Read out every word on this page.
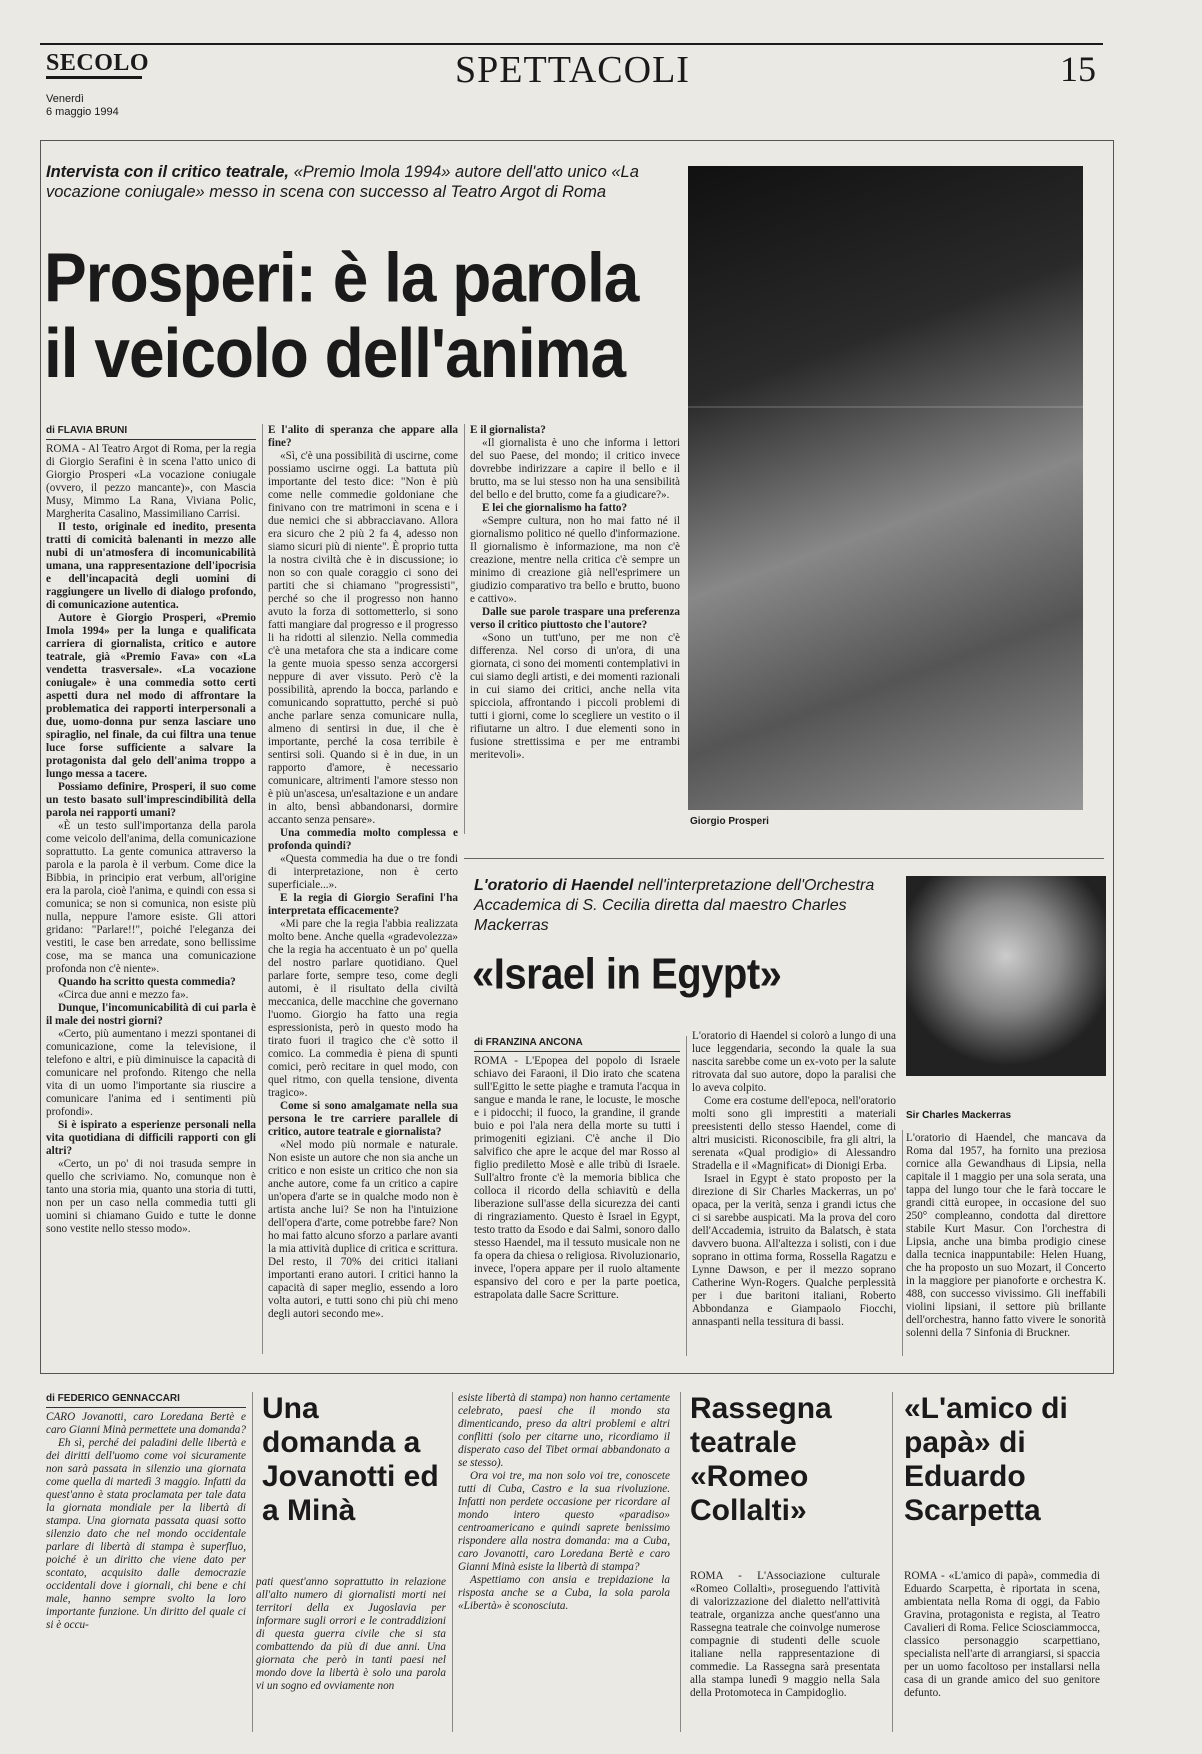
SECOLO
Venerdì
6 maggio 1994
SPETTACOLI	15
Intervista con il critico teatrale, «Premio Imola 1994» autore dell'atto unico «La vocazione coniugale» messo in scena con successo al Teatro Argot di Roma
Prosperi: è la parola
il veicolo dell'anima
Giorgio Prosperi
di FLAVIA BRUNI

ROMA - Al Teatro Argot di Roma, per la regia di Giorgio Serafini è in scena l'atto unico di Giorgio Prosperi «La vocazione coniugale (ovvero, il pezzo mancante)», con Mascia Musy, Mimmo La Rana, Viviana Polic, Margherita Casalino, Massimiliano Carrisi.

Il testo, originale ed inedito, presenta tratti di comicità balenanti in mezzo alle nubi di un'atmosfera di incomunicabilità umana, una rappresentazione dell'ipocrisia e dell'incapacità degli uomini di raggiungere un livello di dialogo profondo, di comunicazione autentica.

Autore è Giorgio Prosperi, «Premio Imola 1994» per la lunga e qualificata carriera di giornalista, critico e autore teatrale, già «Premio Fava» con «La vendetta trasversale». «La vocazione coniugale» è una commedia sotto certi aspetti dura nel modo di affrontare la problematica dei rapporti interpersonali a due, uomo-donna pur senza lasciare uno spiraglio, nel finale, da cui filtra una tenue luce forse sufficiente a salvare la protagonista dal gelo dell'anima troppo a lungo messa a tacere.

Possiamo definire, Prosperi, il suo come un testo basato sull'imprescindibilità della parola nei rapporti umani?

«È un testo sull'importanza della parola come veicolo dell'anima, della comunicazione soprattutto. La gente comunica attraverso la parola e la parola è il verbum. Come dice la Bibbia, in principio erat verbum, all'origine era la parola, cioè l'anima, e quindi con essa si comunica; se non si comunica, non esiste più nulla, neppure l'amore esiste. Gli attori gridano: "Parlare!!", poiché l'eleganza dei vestiti, le case ben arredate, sono bellissime cose, ma se manca una comunicazione profonda non c'è niente».

Quando ha scritto questa commedia?

«Circa due anni e mezzo fa».

Dunque, l'incomunicabilità di cui parla è il male dei nostri giorni?

«Certo, più aumentano i mezzi spontanei di comunicazione, come la televisione, il telefono e altri, e più diminuisce la capacità di comunicare nel profondo. Ritengo che nella vita di un uomo l'importante sia riuscire a comunicare l'anima ed i sentimenti più profondi».

Si è ispirato a esperienze personali nella vita quotidiana di difficili rapporti con gli altri?

«Certo, un po' di noi trasuda sempre in quello che scriviamo. No, comunque non è tanto una storia mia, quanto una storia di tutti, non per un caso nella commedia tutti gli uomini si chiamano Guido e tutte le donne sono vestite nello stesso modo».

E l'alito di speranza che appare alla fine?

«Sì, c'è una possibilità di uscirne, come possiamo uscirne oggi. La battuta più importante del testo dice: "Non è più come nelle commedie goldoniane che finivano con tre matrimoni in scena e i due nemici che si abbracciavano. Allora era sicuro che 2 più 2 fa 4, adesso non siamo sicuri più di niente". È proprio tutta la nostra civiltà che è in discussione; io non so con quale coraggio ci sono dei partiti che si chiamano "progressisti", perché so che il progresso non hanno avuto la forza di sottometterlo, si sono fatti mangiare dal progresso e il progresso li ha ridotti al silenzio. Nella commedia c'è una metafora che sta a indicare come la gente muoia spesso senza accorgersi neppure di aver vissuto. Però c'è la possibilità, aprendo la bocca, parlando e comunicando soprattutto, perché si può anche parlare senza comunicare nulla, almeno di sentirsi in due, il che è importante, perché la cosa terribile è sentirsi soli. Quando si è in due, in un rapporto d'amore, è necessario comunicare, altrimenti l'amore stesso non è più un'ascesa, un'esaltazione e un andare in alto, bensì abbandonarsi, dormire accanto senza pensare».

Una commedia molto complessa e profonda quindi?

«Questa commedia ha due o tre fondi di interpretazione, non è certo superficiale...».

E la regia di Giorgio Serafini l'ha interpretata efficacemente?

«Mi pare che la regia l'abbia realizzata molto bene. Anche quella «gradevolezza» che la regia ha accentuato è un po' quella del nostro parlare quotidiano. Quel parlare forte, sempre teso, come degli automi, è il risultato della civiltà meccanica, delle macchine che governano l'uomo. Giorgio ha fatto una regia espressionista, però in questo modo ha tirato fuori il tragico che c'è sotto il comico. La commedia è piena di spunti comici, però recitare in quel modo, con quel ritmo, con quella tensione, diventa tragico».

Come si sono amalgamate nella sua persona le tre carriere parallele di critico, autore teatrale e giornalista?

«Nel modo più normale e naturale. Non esiste un autore che non sia anche un critico e non esiste un critico che non sia anche autore, come fa un critico a capire un'opera d'arte se in qualche modo non è artista anche lui? Se non ha l'intuizione dell'opera d'arte, come potrebbe fare? Non ho mai fatto alcuno sforzo a parlare avanti la mia attività duplice di critica e scrittura. Del resto, il 70% dei critici italiani importanti erano autori. I critici hanno la capacità di saper meglio, essendo a loro volta autori, e tutti sono chi più chi meno degli autori secondo me».

E il giornalista?

«Il giornalista è uno che informa i lettori del suo Paese, del mondo; il critico invece dovrebbe indirizzare a capire il bello e il brutto, ma se lui stesso non ha una sensibilità del bello e del brutto, come fa a giudicare?».

E lei che giornalismo ha fatto?

«Sempre cultura, non ho mai fatto né il giornalismo politico né quello d'informazione. Il giornalismo è informazione, ma non c'è creazione, mentre nella critica c'è sempre un minimo di creazione già nell'esprimere un giudizio comparativo tra bello e brutto, buono e cattivo».

Dalle sue parole traspare una preferenza verso il critico piuttosto che l'autore?

«Sono un tutt'uno, per me non c'è differenza. Nel corso di un'ora, di una giornata, ci sono dei momenti contemplativi in cui siamo degli artisti, e dei momenti razionali in cui siamo dei critici, anche nella vita spicciola, affrontando i piccoli problemi di tutti i giorni, come lo scegliere un vestito o il rifiutarne un altro. I due elementi sono in fusione strettissima e per me entrambi meritevoli».

L'oratorio di Haendel nell'interpretazione dell'Orchestra Accademica di S. Cecilia diretta dal maestro Charles Mackerras
«Israel in Egypt»
Sir Charles Mackerras
di FRANZINA ANCONA

ROMA - L'Epopea del popolo di Israele schiavo dei Faraoni, il Dio irato che scatena sull'Egitto le sette piaghe e tramuta l'acqua in sangue e manda le rane, le locuste, le mosche e i pidocchi; il fuoco, la grandine, il grande buio e poi l'ala nera della morte su tutti i primogeniti egiziani. C'è anche il Dio salvifico che apre le acque del mar Rosso al figlio prediletto Mosè e alle tribù di Israele. Sull'altro fronte c'è la memoria biblica che colloca il ricordo della schiavitù e della liberazione sull'asse della sicurezza dei canti di ringraziamento. Questo è Israel in Egypt, testo tratto da Esodo e dai Salmi, sonoro dallo stesso Haendel, ma il tessuto musicale non ne fa opera da chiesa o religiosa. Rivoluzionario, invece, l'opera appare per il ruolo altamente espansivo del coro e per la parte poetica, estrapolata dalle Sacre Scritture.

L'oratorio di Haendel si colorò a lungo di una luce leggendaria, secondo la quale la sua nascita sarebbe come un ex-voto per la salute ritrovata dal suo autore, dopo la paralisi che lo aveva colpito.

Come era costume dell'epoca, nell'oratorio molti sono gli imprestiti a materiali preesistenti dello stesso Haendel, come di altri musicisti. Riconoscibile, fra gli altri, la serenata «Qual prodigio» di Alessandro Stradella e il «Magnificat» di Dionigi Erba.

Israel in Egypt è stato proposto per la direzione di Sir Charles Mackerras, un po' opaca, per la verità, senza i grandi ictus che ci si sarebbe auspicati. Ma la prova del coro dell'Accademia, istruito da Balatsch, è stata davvero buona. All'altezza i solisti, con i due soprano in ottima forma, Rossella Ragatzu e Lynne Dawson, e per il mezzo soprano Catherine Wyn-Rogers. Qualche perplessità per i due baritoni italiani, Roberto Abbondanza e Giampaolo Fiocchi, annaspanti nella tessitura di bassi.

L'oratorio di Haendel, che mancava da Roma dal 1957, ha fornito una preziosa cornice alla Gewandhaus di Lipsia, nella capitale il 1 maggio per una sola serata, una tappa del lungo tour che le farà toccare le grandi città europee, in occasione del suo 250° compleanno, condotta dal direttore stabile Kurt Masur. Con l'orchestra di Lipsia, anche una bimba prodigio cinese dalla tecnica inappuntabile: Helen Huang, che ha proposto un suo Mozart, il Concerto in la maggiore per pianoforte e orchestra K. 488, con successo vivissimo. Gli ineffabili violini lipsiani, il settore più brillante dell'orchestra, hanno fatto vivere le sonorità solenni della 7 Sinfonia di Bruckner.

di FEDERICO GENNACCARI

CARO Jovanotti, caro Loredana Bertè e caro Gianni Minà permettete una domanda?

Eh sì, perché dei paladini delle libertà e dei diritti dell'uomo come voi sicuramente non sarà passata in silenzio una giornata come quella di martedì 3 maggio. Infatti da quest'anno è stata proclamata per tale data la giornata mondiale per la libertà di stampa. Una giornata passata quasi sotto silenzio dato che nel mondo occidentale parlare di libertà di stampa è superfluo, poiché è un diritto che viene dato per scontato, acquisito dalle democrazie occidentali dove i giornali, chi bene e chi male, hanno sempre svolto la loro importante funzione. Un diritto del quale ci si è occu-

Una domanda a Jovanotti ed a Minà

pati quest'anno soprattutto in relazione all'alto numero di giornalisti morti nei territori della ex Jugoslavia per informare sugli orrori e le contraddizioni di questa guerra civile che si sta combattendo da più di due anni. Una giornata che però in tanti paesi nel mondo dove la libertà è solo una parola vi un sogno ed ovviamente non

esiste libertà di stampa) non hanno certamente celebrato, paesi che il mondo sta dimenticando, preso da altri problemi e altri conflitti (solo per citarne uno, ricordiamo il disperato caso del Tibet ormai abbandonato a se stesso).

Ora voi tre, ma non solo voi tre, conoscete tutti di Cuba, Castro e la sua rivoluzione. Infatti non perdete occasione per ricordare al mondo intero questo «paradiso» centroamericano e quindi saprete benissimo rispondere alla nostra domanda: ma a Cuba, caro Jovanotti, caro Loredana Bertè e caro Gianni Minà esiste la libertà di stampa?

Aspettiamo con ansia e trepidazione la risposta anche se a Cuba, la sola parola «Libertà» è sconosciuta.

Rassegna teatrale «Romeo Collalti»

ROMA - L'Associazione culturale «Romeo Collalti», proseguendo l'attività di valorizzazione del dialetto nell'attività teatrale, organizza anche quest'anno una Rassegna teatrale che coinvolge numerose compagnie di studenti delle scuole italiane nella rappresentazione di commedie. La Rassegna sarà presentata alla stampa lunedì 9 maggio nella Sala della Protomoteca in Campidoglio.

«L'amico di papà» di Eduardo Scarpetta

ROMA - «L'amico di papà», commedia di Eduardo Scarpetta, è riportata in scena, ambientata nella Roma di oggi, da Fabio Gravina, protagonista e regista, al Teatro Cavalieri di Roma. Felice Sciosciammocca, classico personaggio scarpettiano, specialista nell'arte di arrangiarsi, si spaccia per un uomo facoltoso per installarsi nella casa di un grande amico del suo genitore defunto.
